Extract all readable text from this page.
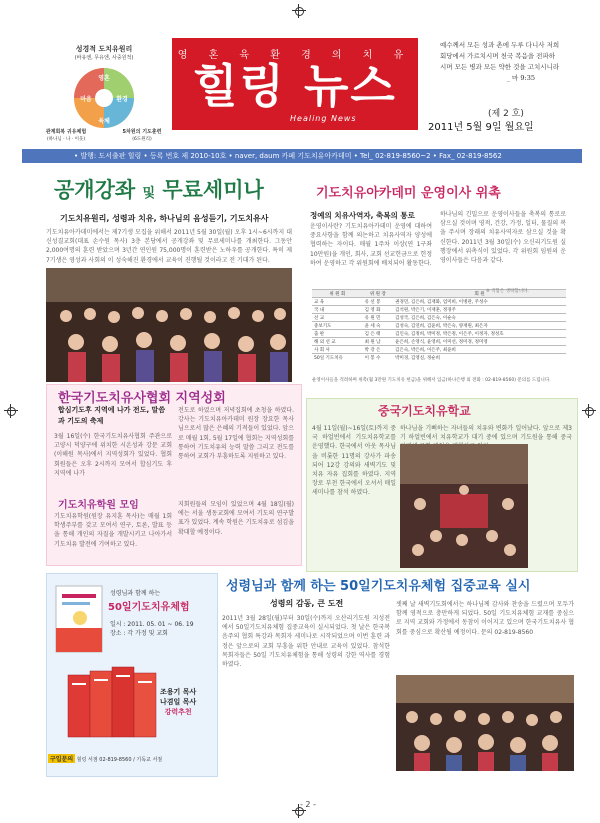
성경적 도치유원리
(바유엔, 무유엔, 사중원적)
영혼
마음	환경
육체
관계회복 귀유체험
(하나님 · 나 · 이웃)
5차원의 기도훈련
(6도원리)
영 혼 육 환 경 의 치 유
힐링 뉴스
Healing News
예수께서 모든 성과 촌에 두루 다니사 저희
회당에서 가르치시며 천국 복음을 전파하
시며 모든 병과 모든 약한 것을 고치시니라
_ 마 9:35
(제 2 호)
2011년 5월 9일 월요일
• 발행: 도서출판 힐링 • 등록 번호 제 2010-10호 • naver, daum 카페 기도치유아카데미 • Tel_ 02-819-8560~2 • Fax_ 02-819-8562
공개강좌 및 무료세미나
기도치유원리, 성령과 치유, 하나님의 음성듣기, 기도치유사
기도치유아카데미에서는 제7기생 모집을 위해서 2011년 5월 30일(월) 오후 1시~6시까지 대신성결교회(대표 손수원 목사) 3층 본당에서 공개강좌 및 무료세미나를 개최한다. 그동안 2,000여명의 훈련 받았으며 3년간 연인원 75,000명이 훈련받은 노하우를 공개한다. 특히 제7기생은 영성과 사회의 이 성숙해진 환경에서 교육이 진행될 것이라고 전 기대가 된다.
기도치유아카데미 운영이사 위촉
정예의 치유사역자, 축복의 통로
운영이사란? 기도치유아카데미 운영에 대하여 중요사항을 함께 의논하고 치유사역자 양성에 협력하는 자이다. 매월 1주차 이상(연 1구좌 10만원)을 개인, 회사, 교회 선교헌금으로 헌정하여 운영하고 각 위원회에 배치되어 활동한다.
하나님의 긴밀으로 운영이사들을 축복의 통로로 삼으실 것이며 영적, 건강, 가정, 일터, 물질의 복을 주시며 장래의 치유사역자로 삼으실 것을 확신한다. 2011년 3월 30일(수) 오신리기도원 실행장에서 위촉식이 있었다. 각 위원회 임원의 운영이사들은 다음과 같다.
위 원 회	위 원 장	회 원
교 육	유 선 봉	권경민, 김은희, 김재화, 엄미희, 이병관, 주성수
국 내	김 영 화	김석원, 박은기, 이재훈, 정경주
선 교	유 원 민	김성국, 김은희, 김은숙, 이순숙
중보기도	윤 세 숙	김성숙, 김연희, 김윤희, 박은숙, 양재원, 최은자
출 판	김 은 태	김인숙, 김정희, 박미정, 박은정, 이은주, 이정자, 정성호
해 외 선 교	최 원 남	윤은희, 손영식, 윤영희, 이미선, 정미경, 정미영
사 회 사	박 강 은	김은숙, 박은희, 이은주, 최윤희
50일 기도치유	이 봉 수	박미경, 김영실, 정순희
※ 직함은 생략합니다.
운영이사들을 격려하며 위촉(월 3만원 기도치유 헌금)을 위해서 입금(하나은행 외 전화 : 02-819-8560) 문의를 드립니다.
한국기도치유사협회 지역성회
합심기도후 지역에 나가 전도, 말씀과 기도의 축제
3월 16일(수) 한국기도치유사협회 주관으로 고양시 덕양구에 위치한 시온성과 강문 교회(이해원 목사)에서 지역성회가 있었다. 협회 회원들은 오후 2시까지 모여서 합심기도 후 지역에 나가
전도로 하였으며 저녁집회에 초청을 하였다. 강사는 기도치유아카데미 원장 장요한 목사님으로서 많은 은혜의 기적들이 있었다. 앞으로 매월 1회, 5월 17일에 협회는 지역성회를 통하여 기도치유의 능력 말씀 그리고 전도를 통하여 교회가 부흥하도록 지원하고 있다.
기도치유학원 모임
기도치유학원(원장 유지훈 목사)는 매월 1회 학생주부를 갖고 모여서 연구, 토론, 발표 등을 통해 개인의 자질을 개발시키고 나아가서 기도치유 발전에 기여하고 있다.
지회원들의 모임이 있었으며 4월 18일(월)에는 서울 생동교회에 모여서 기도의 연구발표가 있었다. 계속 학원은 기도치유로 섬김을 확대할 예정이다.
중국기도치유학교
4월 11일(월)~16일(토)까지 중국 하얼빈에서 기도치유학교를 운영했다. 한국에서 아웃 목사님을 비롯한 11명의 강사가 파송되어 12강 강의와 새벽기도 및 치유 자유 집회를 하였다. 지역 장로 부천 한국에서 오셔서 매일 세미나를 참석 하였다.
하나님을 기뻐하는 자녀들의 치유와 변화가 일어났다. 앞으로 제3기 하얼빈에서 치유학교가 대기 중에 있으며 기도원을 통해 중국
성령님과 함께 하는
50일기도치유체험
일시 : 2011. 05. 01 ~ 06. 19
장소 : 각 가정 및 교회
조용기 목사
나겸일 목사
강력추천
구입문의 힐링 서점 02-819-8560 / 기독교 서점
성령님과 함께 하는 50일기도치유체험 집중교육 실시
성령의 감동, 큰 도전
2011년 3월 28일(월)부터 30일(수)까지 오산리기도원 지성전에서 50일기도치유체험 집중교육이 실시되었다. 첫 날은 한국복음주의 협회 특강과 목회자 세미나로 시작되었으며 이번 훈련 과정은 앞으로의 교회 부흥을 위한 안내로 교육이 있었다. 참석한 목회자들은 50일 기도치유체험을 통해 성령의 강한 역사를 경험하였다.
셋째 날 새벽기도회에서는 하나님께 감사와 찬송을 드렸으며 모두가 함께 영적으로 충만하게 되었다. 50일 기도치유체험 교재를 중심으로 지역 교회와 가정에서 동참이 이어지고 있으며 한국기도치유사 협회를 중심으로 확산될 예정이다. 문의 02-819-8560
- 2 -
